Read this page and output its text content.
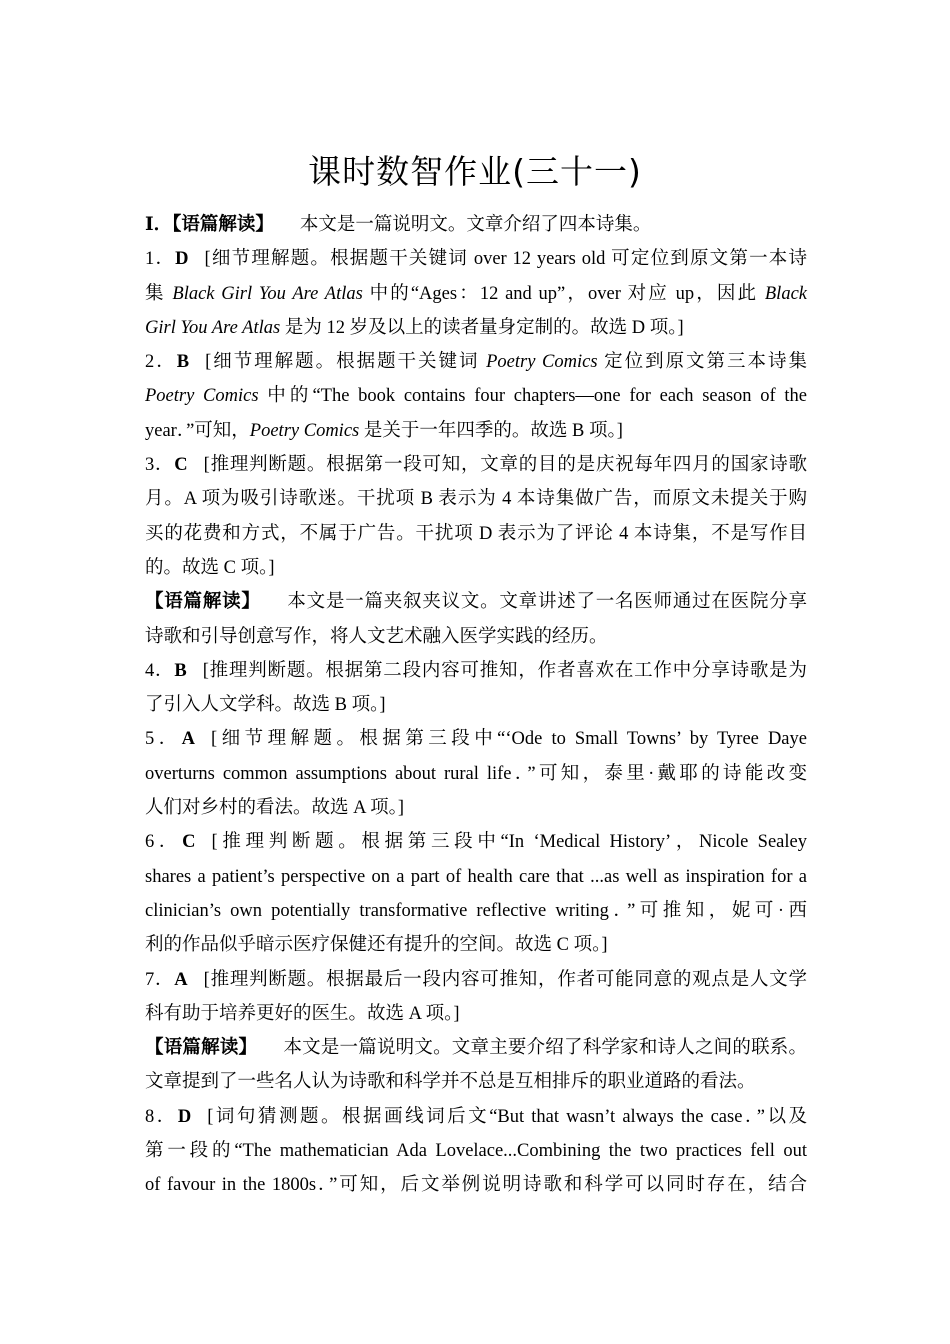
课时数智作业(三十一)
Ⅰ．【语篇解读】 本文是一篇说明文。文章介绍了四本诗集。
1．D [细节理解题。根据题干关键词 over 12 years old 可定位到原文第一本诗
集 Black Girl You Are Atlas 中的“Ages：12 and up”，over 对应 up，因此 Black
Girl You Are Atlas 是为 12 岁及以上的读者量身定制的。故选 D 项。]
2．B [细节理解题。根据题干关键词 Poetry Comics 定位到原文第三本诗集
Poetry Comics 中的“The book contains four chapters—one for each season of the
year．”可知，Poetry Comics 是关于一年四季的。故选 B 项。]
3．C [推理判断题。根据第一段可知，文章的目的是庆祝每年四月的国家诗歌
月。A 项为吸引诗歌迷。干扰项 B 表示为 4 本诗集做广告，而原文未提关于购
买的花费和方式，不属于广告。干扰项 D 表示为了评论 4 本诗集，不是写作目
的。故选 C 项。]
【语篇解读】 本文是一篇夹叙夹议文。文章讲述了一名医师通过在医院分享
诗歌和引导创意写作，将人文艺术融入医学实践的经历。
4．B [推理判断题。根据第二段内容可推知，作者喜欢在工作中分享诗歌是为
了引入人文学科。故选 B 项。]
5．A [细节理解题。根据第三段中“‘Ode to Small Towns’ by Tyree Daye
overturns common assumptions about rural life．”可知，泰里·戴耶的诗能改变
人们对乡村的看法。故选 A 项。]
6．C [推理判断题。根据第三段中“In ‘Medical History’，Nicole Sealey
shares a patient’s perspective on a part of health care that ...as well as inspiration for a
clinician’s own potentially transformative reflective writing．”可推知，妮可·西
利的作品似乎暗示医疗保健还有提升的空间。故选 C 项。]
7．A [推理判断题。根据最后一段内容可推知，作者可能同意的观点是人文学
科有助于培养更好的医生。故选 A 项。]
【语篇解读】 本文是一篇说明文。文章主要介绍了科学家和诗人之间的联系。
文章提到了一些名人认为诗歌和科学并不总是互相排斥的职业道路的看法。
8．D [词句猜测题。根据画线词后文“But that wasn’t always the case．”以及
第一段的“The mathematician Ada Lovelace...Combining the two practices fell out
of favour in the 1800s．”可知，后文举例说明诗歌和科学可以同时存在，结合
